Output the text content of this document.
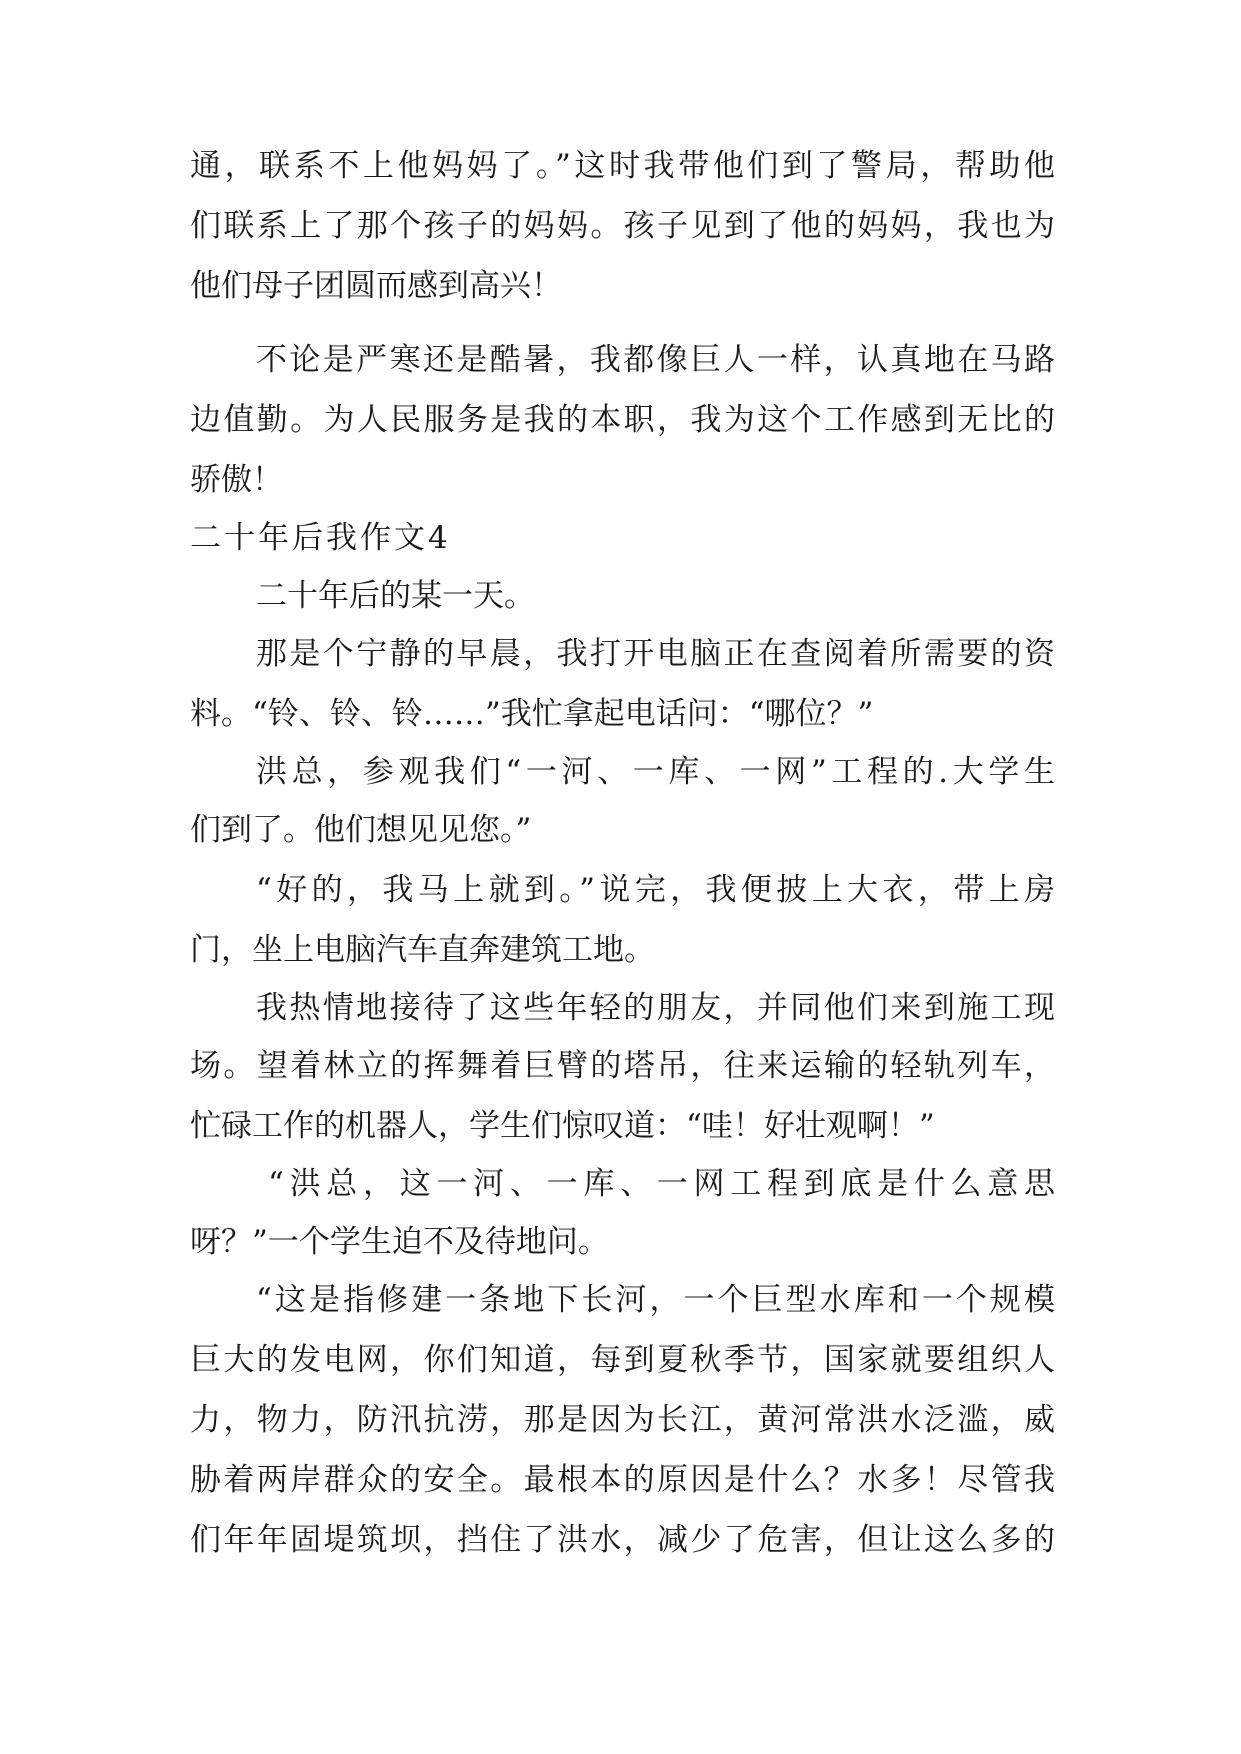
通，联系不上他妈妈了。”这时我带他们到了警局，帮助他
们联系上了那个孩子的妈妈。孩子见到了他的妈妈，我也为
他们母子团圆而感到高兴！
不论是严寒还是酷暑，我都像巨人一样，认真地在马路
边值勤。为人民服务是我的本职，我为这个工作感到无比的
骄傲！
二十年后我作文4
二十年后的某一天。
那是个宁静的早晨，我打开电脑正在查阅着所需要的资
料。“铃、铃、铃……”我忙拿起电话问：“哪位？”
洪总，参观我们“一河、一库、一网”工程的.大学生
们到了。他们想见见您。”
“好的，我马上就到。”说完，我便披上大衣，带上房
门，坐上电脑汽车直奔建筑工地。
我热情地接待了这些年轻的朋友，并同他们来到施工现
场。望着林立的挥舞着巨臂的塔吊，往来运输的轻轨列车，
忙碌工作的机器人，学生们惊叹道：“哇！好壮观啊！”
“洪总，这一河、一库、一网工程到底是什么意思
呀？”一个学生迫不及待地问。
“这是指修建一条地下长河，一个巨型水库和一个规模
巨大的发电网，你们知道，每到夏秋季节，国家就要组织人
力，物力，防汛抗涝，那是因为长江，黄河常洪水泛滥，威
胁着两岸群众的安全。最根本的原因是什么？水多！尽管我
们年年固堤筑坝，挡住了洪水，减少了危害，但让这么多的
